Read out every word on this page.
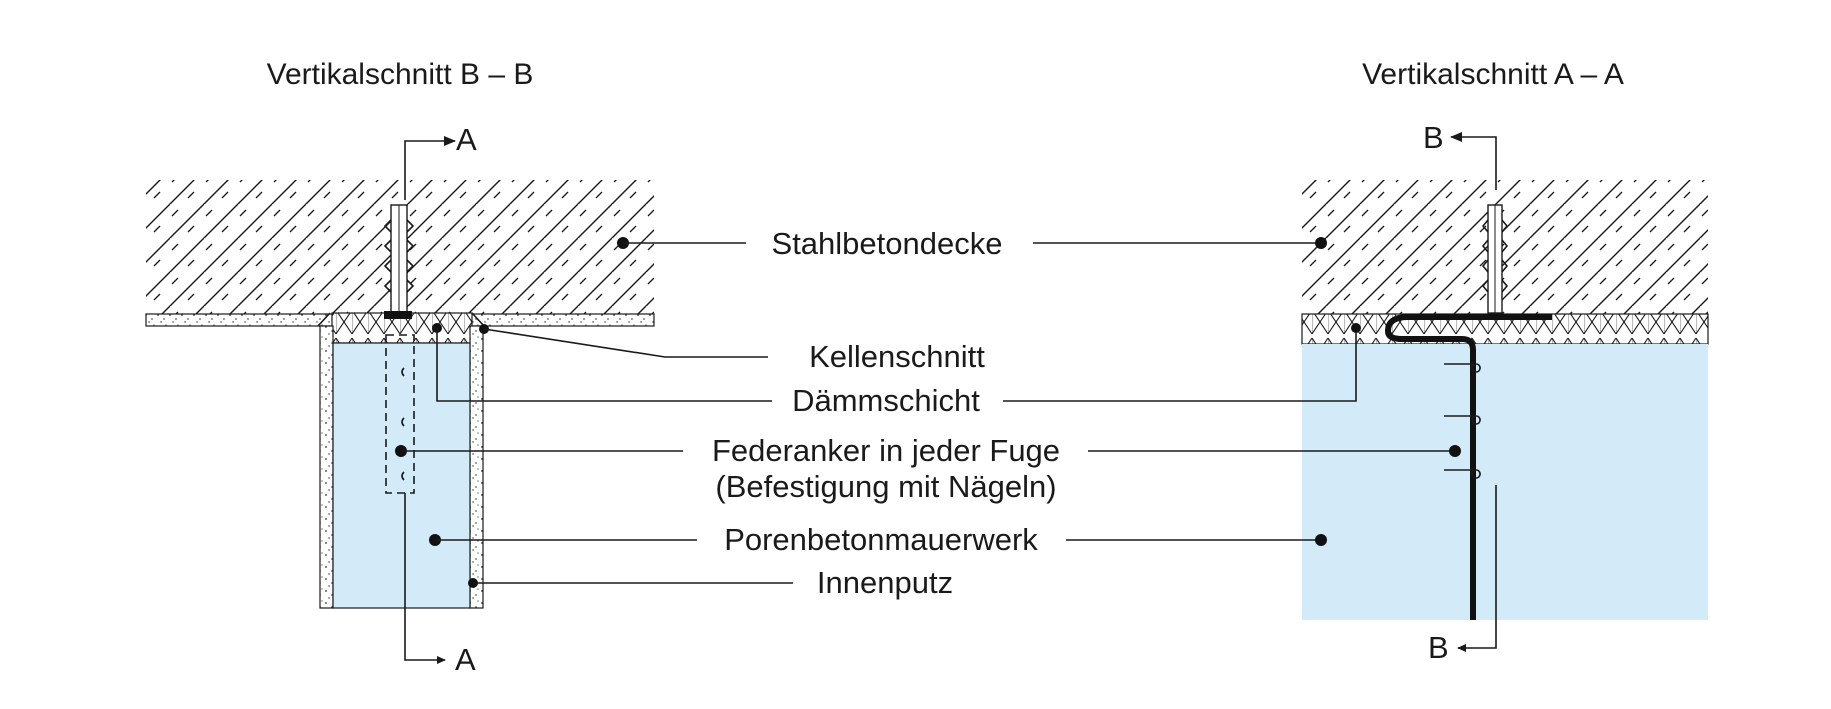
Vertikalschnitt B – B	Vertikalschnitt A – A
A
A
B
B
Stahlbetondecke
Kellenschnitt
Dämmschicht
Federanker in jeder Fuge
(Befestigung mit Nägeln)
Porenbetonmauerwerk
Innenputz
